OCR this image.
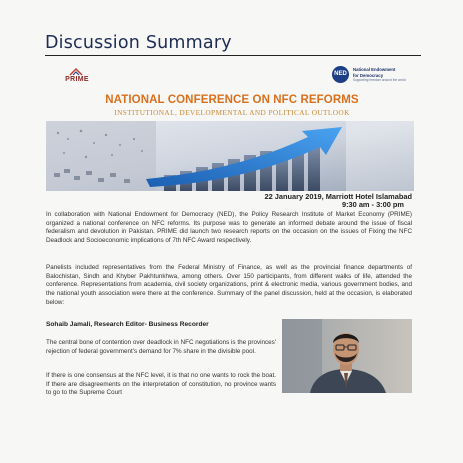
Discussion Summary
PRIME
NED
National Endowment
for Democracy
Supporting freedom around the world
NATIONAL CONFERENCE ON NFC REFORMS
INSTITUTIONAL, DEVELOPMENTAL AND POLITICAL OUTLOOK
22 January 2019, Marriott Hotel Islamabad
9:30 am - 3:00 pm
In collaboration with National Endowment for Democracy (NED), the Policy Research Institute of Market Economy (PRIME) organized a national conference on NFC reforms. Its purpose was to generate an informed debate around the issue of fiscal federalism and devolution in Pakistan. PRIME did launch two research reports on the occasion on the issues of Fixing the NFC Deadlock and Socioeconomic implications of 7th NFC Award respectively.
Panelists included representatives from the Federal Ministry of Finance, as well as the provincial finance departments of Balochistan, Sindh and Khyber Pakhtunkhwa, among others. Over 150 participants, from different walks of life, attended the conference. Representations from academia, civil society organizations, print & electronic media, various government bodies, and the national youth association were there at the conference. Summary of the panel discussion, held at the occasion, is elaborated below:
Sohaib Jamali, Research Editor- Business Recorder
The central bone of contention over deadlock in NFC negotiations is the provinces' rejection of federal government's demand for 7% share in the divisible pool.
If there is one consensus at the NFC level, it is that no one wants to rock the boat. If there are disagreements on the interpretation of constitution, no province wants to go to the Supreme Court
